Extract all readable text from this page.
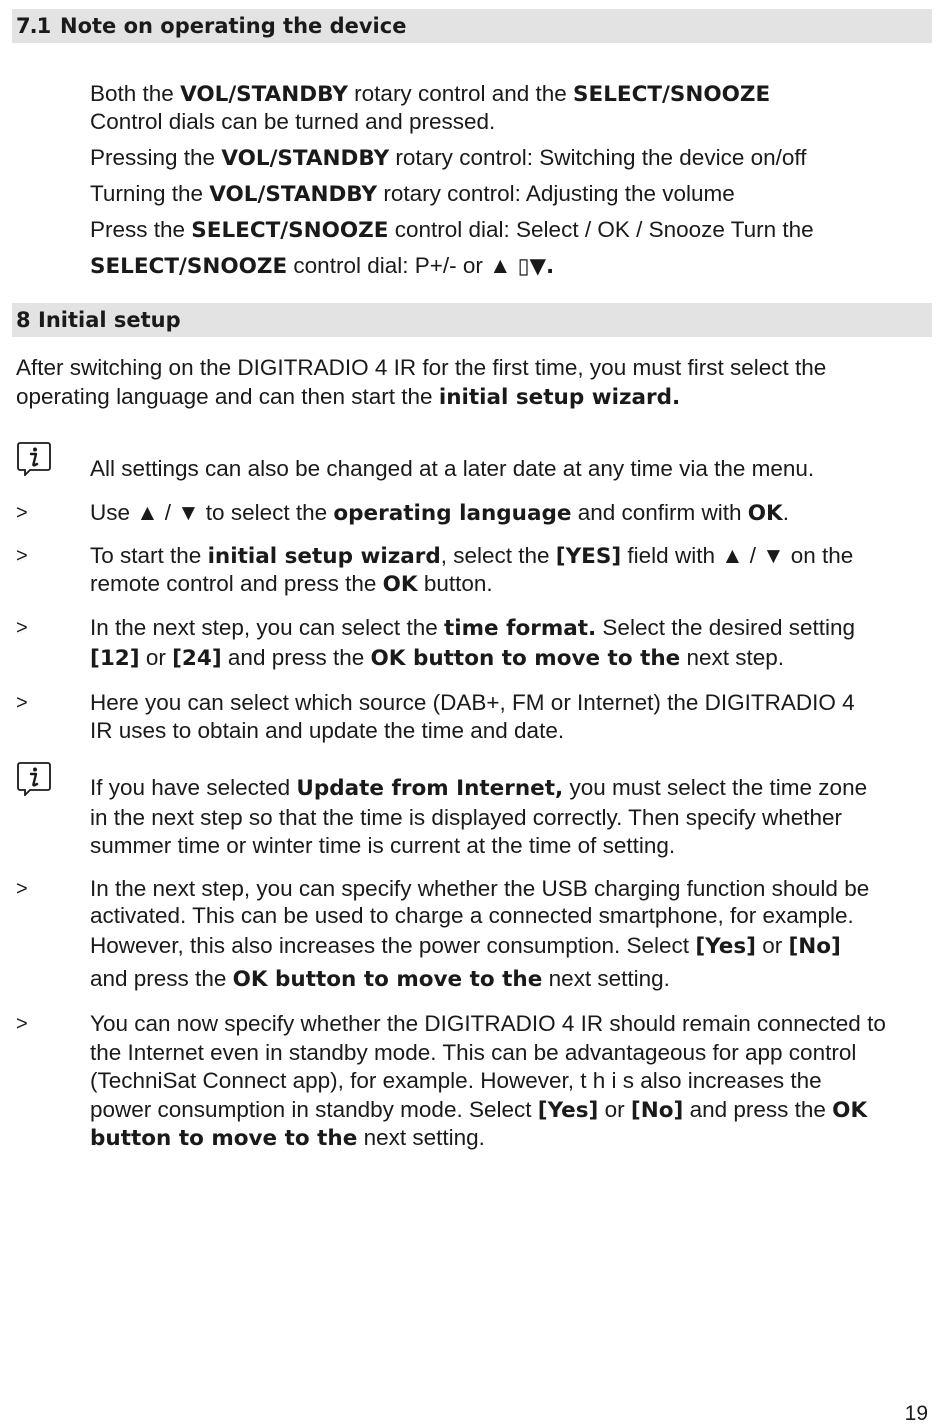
7.1 Note on operating the device
Both the VOL/STANDBY rotary control and the SELECT/SNOOZE
Control dials can be turned and pressed.
Pressing the VOL/STANDBY rotary control: Switching the device on/off
Turning the VOL/STANDBY rotary control: Adjusting the volume
Press the SELECT/SNOOZE control dial: Select / OK / Snooze Turn the
SELECT/SNOOZE control dial: P+/- or ▲ ▯▼.
8 Initial setup
After switching on the DIGITRADIO 4 IR for the first time, you must first select the
operating language and can then start the initial setup wizard.
All settings can also be changed at a later date at any time via the menu.
>	Use ▲ / ▼ to select the operating language and confirm with OK.
>	To start the initial setup wizard, select the [YES] field with ▲ / ▼ on the
remote control and press the OK button.
>	In the next step, you can select the time format. Select the desired setting
[12] or [24] and press the OK button to move to the next step.
>	Here you can select which source (DAB+, FM or Internet) the DIGITRADIO 4
IR uses to obtain and update the time and date.
If you have selected Update from Internet, you must select the time zone
in the next step so that the time is displayed correctly. Then specify whether
summer time or winter time is current at the time of setting.
>	In the next step, you can specify whether the USB charging function should be
activated. This can be used to charge a connected smartphone, for example.
However, this also increases the power consumption. Select [Yes] or [No]
and press the OK button to move to the next setting.
>	You can now specify whether the DIGITRADIO 4 IR should remain connected to
the Internet even in standby mode. This can be advantageous for app control
(TechniSat Connect app), for example. However, t h i s also increases the
power consumption in standby mode. Select [Yes] or [No] and press the OK
button to move to the next setting.
19
